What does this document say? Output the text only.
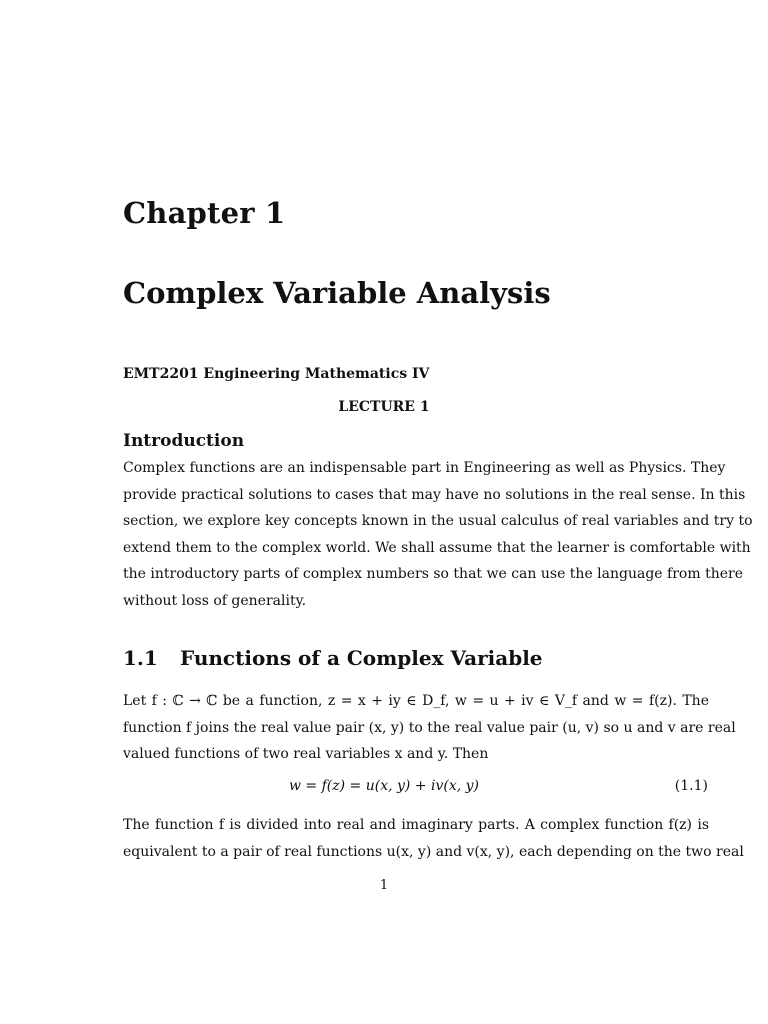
Chapter 1
Complex Variable Analysis
EMT2201 Engineering Mathematics IV
LECTURE 1
Introduction
Complex functions are an indispensable part in Engineering as well as Physics. They
provide practical solutions to cases that may have no solutions in the real sense. In this
section, we explore key concepts known in the usual calculus of real variables and try to
extend them to the complex world. We shall assume that the learner is comfortable with
the introductory parts of complex numbers so that we can use the language from there
without loss of generality.
1.1 Functions of a Complex Variable
Let f : ℂ → ℂ be a function, z = x + iy ∈ D_f, w = u + iv ∈ V_f and w = f(z). The
function f joins the real value pair (x, y) to the real value pair (u, v) so u and v are real
valued functions of two real variables x and y. Then
w = f(z) = u(x, y) + iv(x, y)	(1.1)
The function f is divided into real and imaginary parts. A complex function f(z) is
equivalent to a pair of real functions u(x, y) and v(x, y), each depending on the two real
1
